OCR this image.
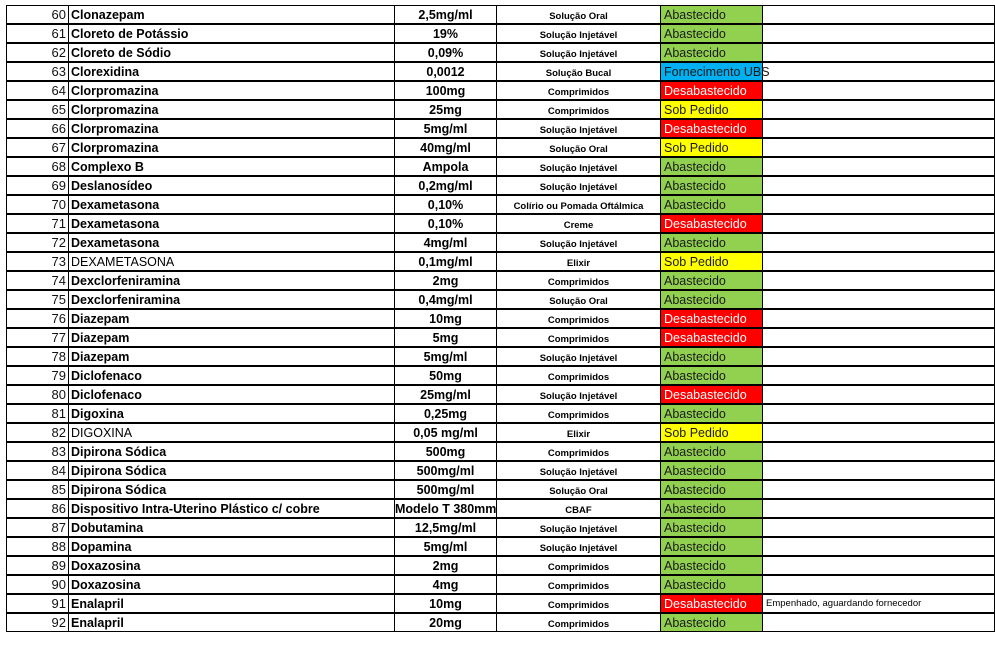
60 Clonazepam	2,5mg/ml	Solução Oral	Abastecido
61 Cloreto de Potássio	19%	Solução Injetável	Abastecido
62 Cloreto de Sódio	0,09%	Solução Injetável	Abastecido
63 Clorexidina	0,0012	Solução Bucal	Fornecimento UBS
64 Clorpromazina	100mg	Comprimidos	Desabastecido
65 Clorpromazina	25mg	Comprimidos	Sob Pedido
66 Clorpromazina	5mg/ml	Solução Injetável	Desabastecido
67 Clorpromazina	40mg/ml	Solução Oral	Sob Pedido
68 Complexo B	Ampola	Solução Injetável	Abastecido
69 Deslanosídeo	0,2mg/ml	Solução Injetável	Abastecido
70 Dexametasona	0,10%	Colírio ou Pomada Oftálmica	Abastecido
71 Dexametasona	0,10%	Creme	Desabastecido
72 Dexametasona	4mg/ml	Solução Injetável	Abastecido
73 DEXAMETASONA	0,1mg/ml	Elixir	Sob Pedido
74 Dexclorfeniramina	2mg	Comprimidos	Abastecido
75 Dexclorfeniramina	0,4mg/ml	Solução Oral	Abastecido
76 Diazepam	10mg	Comprimidos	Desabastecido
77 Diazepam	5mg	Comprimidos	Desabastecido
78 Diazepam	5mg/ml	Solução Injetável	Abastecido
79 Diclofenaco	50mg	Comprimidos	Abastecido
80 Diclofenaco	25mg/ml	Solução Injetável	Desabastecido
81 Digoxina	0,25mg	Comprimidos	Abastecido
82 DIGOXINA	0,05 mg/ml	Elixir	Sob Pedido
83 Dipirona Sódica	500mg	Comprimidos	Abastecido
84 Dipirona Sódica	500mg/ml	Solução Injetável	Abastecido
85 Dipirona Sódica	500mg/ml	Solução Oral	Abastecido
86 Dispositivo Intra-Uterino Plástico c/ cobre	Modelo T 380mm	CBAF	Abastecido
87 Dobutamina	12,5mg/ml	Solução Injetável	Abastecido
88 Dopamina	5mg/ml	Solução Injetável	Abastecido
89 Doxazosina	2mg	Comprimidos	Abastecido
90 Doxazosina	4mg	Comprimidos	Abastecido
91 Enalapril	10mg	Comprimidos	Desabastecido	Empenhado, aguardando fornecedor
92 Enalapril	20mg	Comprimidos	Abastecido
